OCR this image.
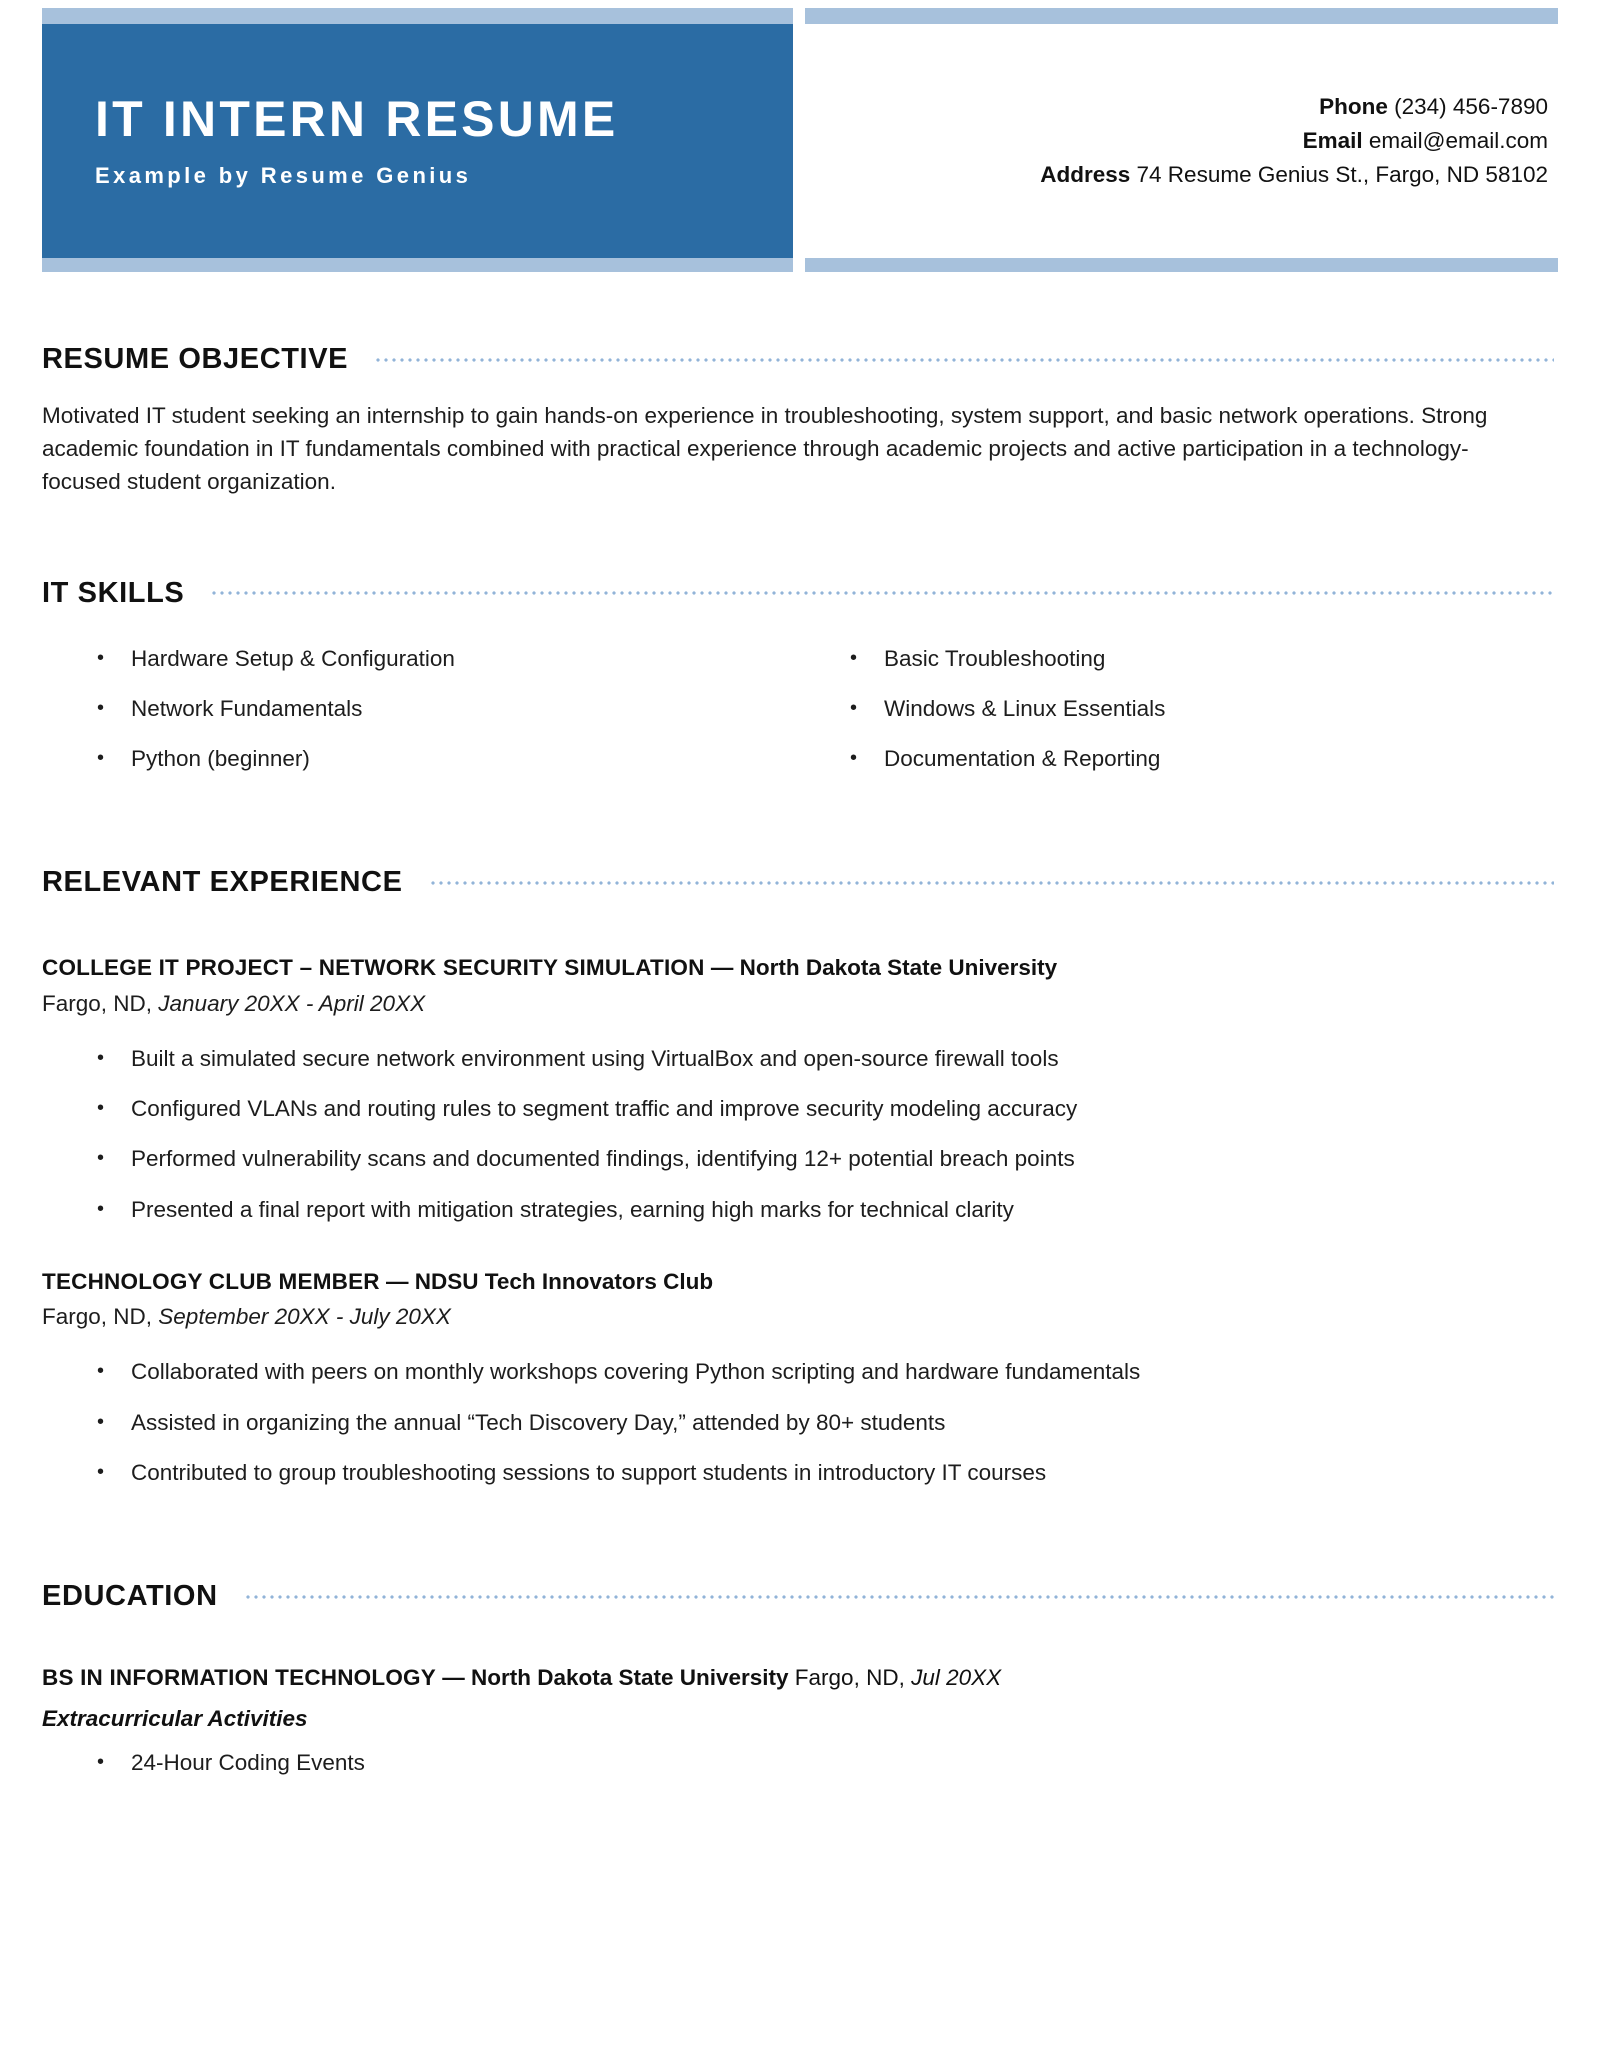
IT INTERN RESUME
Example by Resume Genius
Phone (234) 456-7890
Email email@email.com
Address 74 Resume Genius St., Fargo, ND 58102
RESUME OBJECTIVE
Motivated IT student seeking an internship to gain hands-on experience in troubleshooting, system support, and basic network operations. Strong academic foundation in IT fundamentals combined with practical experience through academic projects and active participation in a technology-focused student organization.
IT SKILLS
•
Hardware Setup & Configuration
•
Network Fundamentals
•
Python (beginner)
•
Basic Troubleshooting
•
Windows & Linux Essentials
•
Documentation & Reporting
RELEVANT EXPERIENCE
COLLEGE IT PROJECT – NETWORK SECURITY SIMULATION — North Dakota State University
Fargo, ND, January 20XX - April 20XX
•
Built a simulated secure network environment using VirtualBox and open-source firewall tools
•
Configured VLANs and routing rules to segment traffic and improve security modeling accuracy
•
Performed vulnerability scans and documented findings, identifying 12+ potential breach points
•
Presented a final report with mitigation strategies, earning high marks for technical clarity
TECHNOLOGY CLUB MEMBER — NDSU Tech Innovators Club
Fargo, ND, September 20XX - July 20XX
•
Collaborated with peers on monthly workshops covering Python scripting and hardware fundamentals
•
Assisted in organizing the annual “Tech Discovery Day,” attended by 80+ students
•
Contributed to group troubleshooting sessions to support students in introductory IT courses
EDUCATION
BS IN INFORMATION TECHNOLOGY — North Dakota State University Fargo, ND, Jul 20XX
Extracurricular Activities
•
24-Hour Coding Events
